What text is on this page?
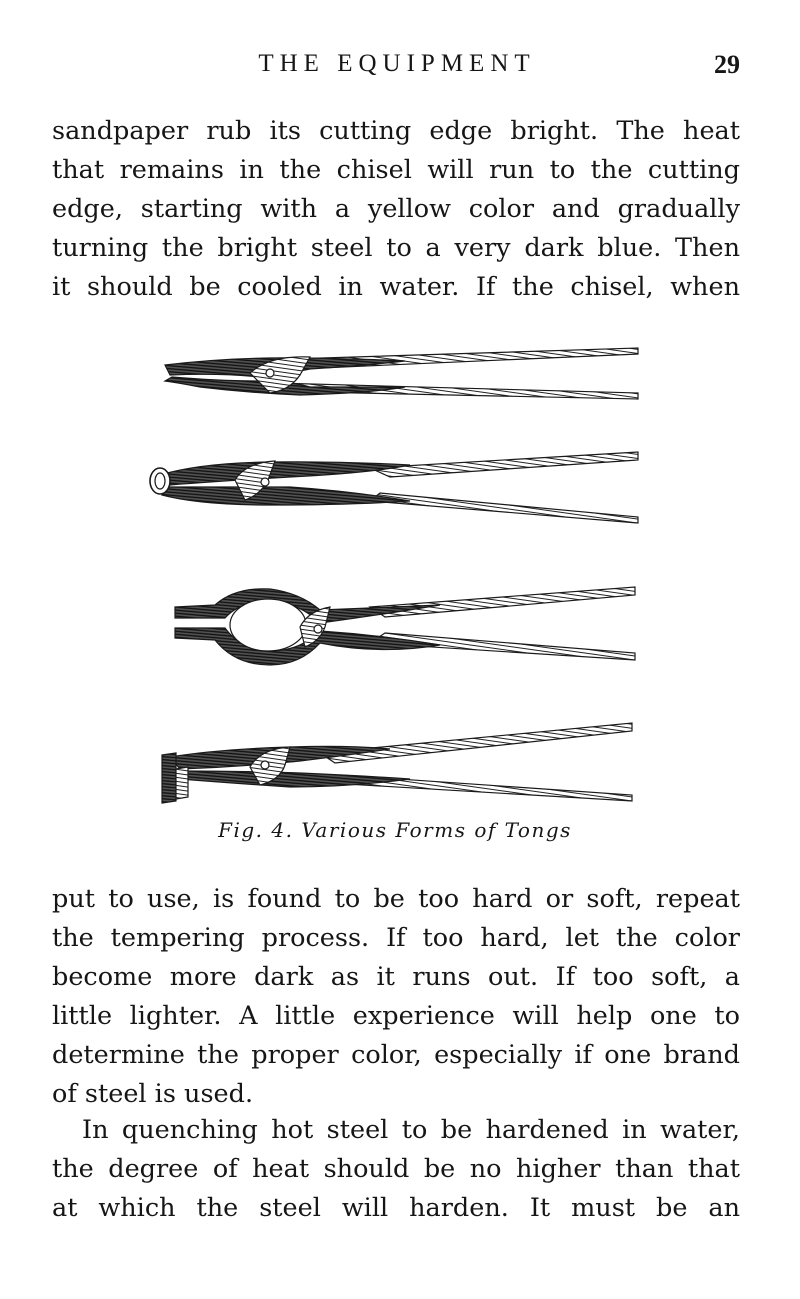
THE EQUIPMENT	29
sandpaper rub its cutting edge bright. The heat
that remains in the chisel will run to the cutting
edge, starting with a yellow color and gradually
turning the bright steel to a very dark blue. Then
it should be cooled in water. If the chisel, when
Fig. 4. Various Forms of Tongs
put to use, is found to be too hard or soft, repeat
the tempering process. If too hard, let the color
become more dark as it runs out. If too soft, a
little lighter. A little experience will help one to
determine the proper color, especially if one brand
of steel is used.
In quenching hot steel to be hardened in water,
the degree of heat should be no higher than that
at which the steel will harden. It must be an
